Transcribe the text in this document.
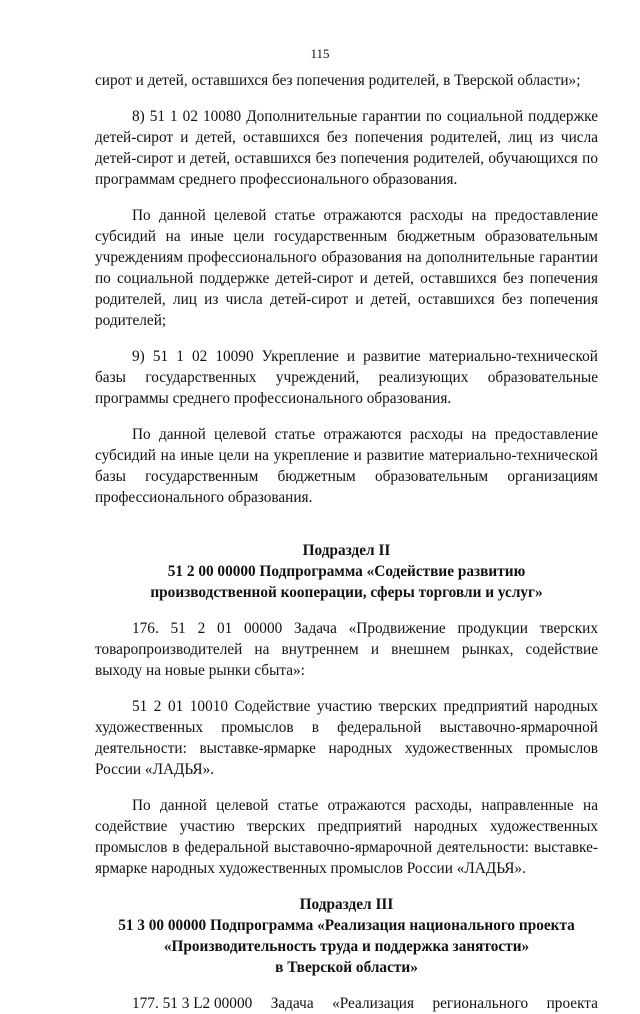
115

сирот и детей, оставшихся без попечения родителей, в Тверской области»;

8) 51 1 02 10080 Дополнительные гарантии по социальной поддержке детей-сирот и детей, оставшихся без попечения родителей, лиц из числа детей-сирот и детей, оставшихся без попечения родителей, обучающихся по программам среднего профессионального образования.

По данной целевой статье отражаются расходы на предоставление субсидий на иные цели государственным бюджетным образовательным учреждениям профессионального образования на дополнительные гарантии по социальной поддержке детей-сирот и детей, оставшихся без попечения родителей, лиц из числа детей-сирот и детей, оставшихся без попечения родителей;

9) 51 1 02 10090 Укрепление и развитие материально-технической базы государственных учреждений, реализующих образовательные программы среднего профессионального образования.

По данной целевой статье отражаются расходы на предоставление субсидий на иные цели на укрепление и развитие материально-технической базы государственным бюджетным образовательным организациям профессионального образования.

Подраздел II
51 2 00 00000 Подпрограмма «Содействие развитию
производственной кооперации, сферы торговли и услуг»

176. 51 2 01 00000 Задача «Продвижение продукции тверских товаропроизводителей на внутреннем и внешнем рынках, содействие выходу на новые рынки сбыта»:

51 2 01 10010 Содействие участию тверских предприятий народных художественных промыслов в федеральной выставочно-ярмарочной деятельности: выставке-ярмарке народных художественных промыслов России «ЛАДЬЯ».

По данной целевой статье отражаются расходы, направленные на содействие участию тверских предприятий народных художественных промыслов в федеральной выставочно-ярмарочной деятельности: выставке-ярмарке народных художественных промыслов России «ЛАДЬЯ».

Подраздел III
51 3 00 00000 Подпрограмма «Реализация национального проекта
«Производительность труда и поддержка занятости»
в Тверской области»
177. 51 3 L2 00000 Задача «Реализация регионального проекта
